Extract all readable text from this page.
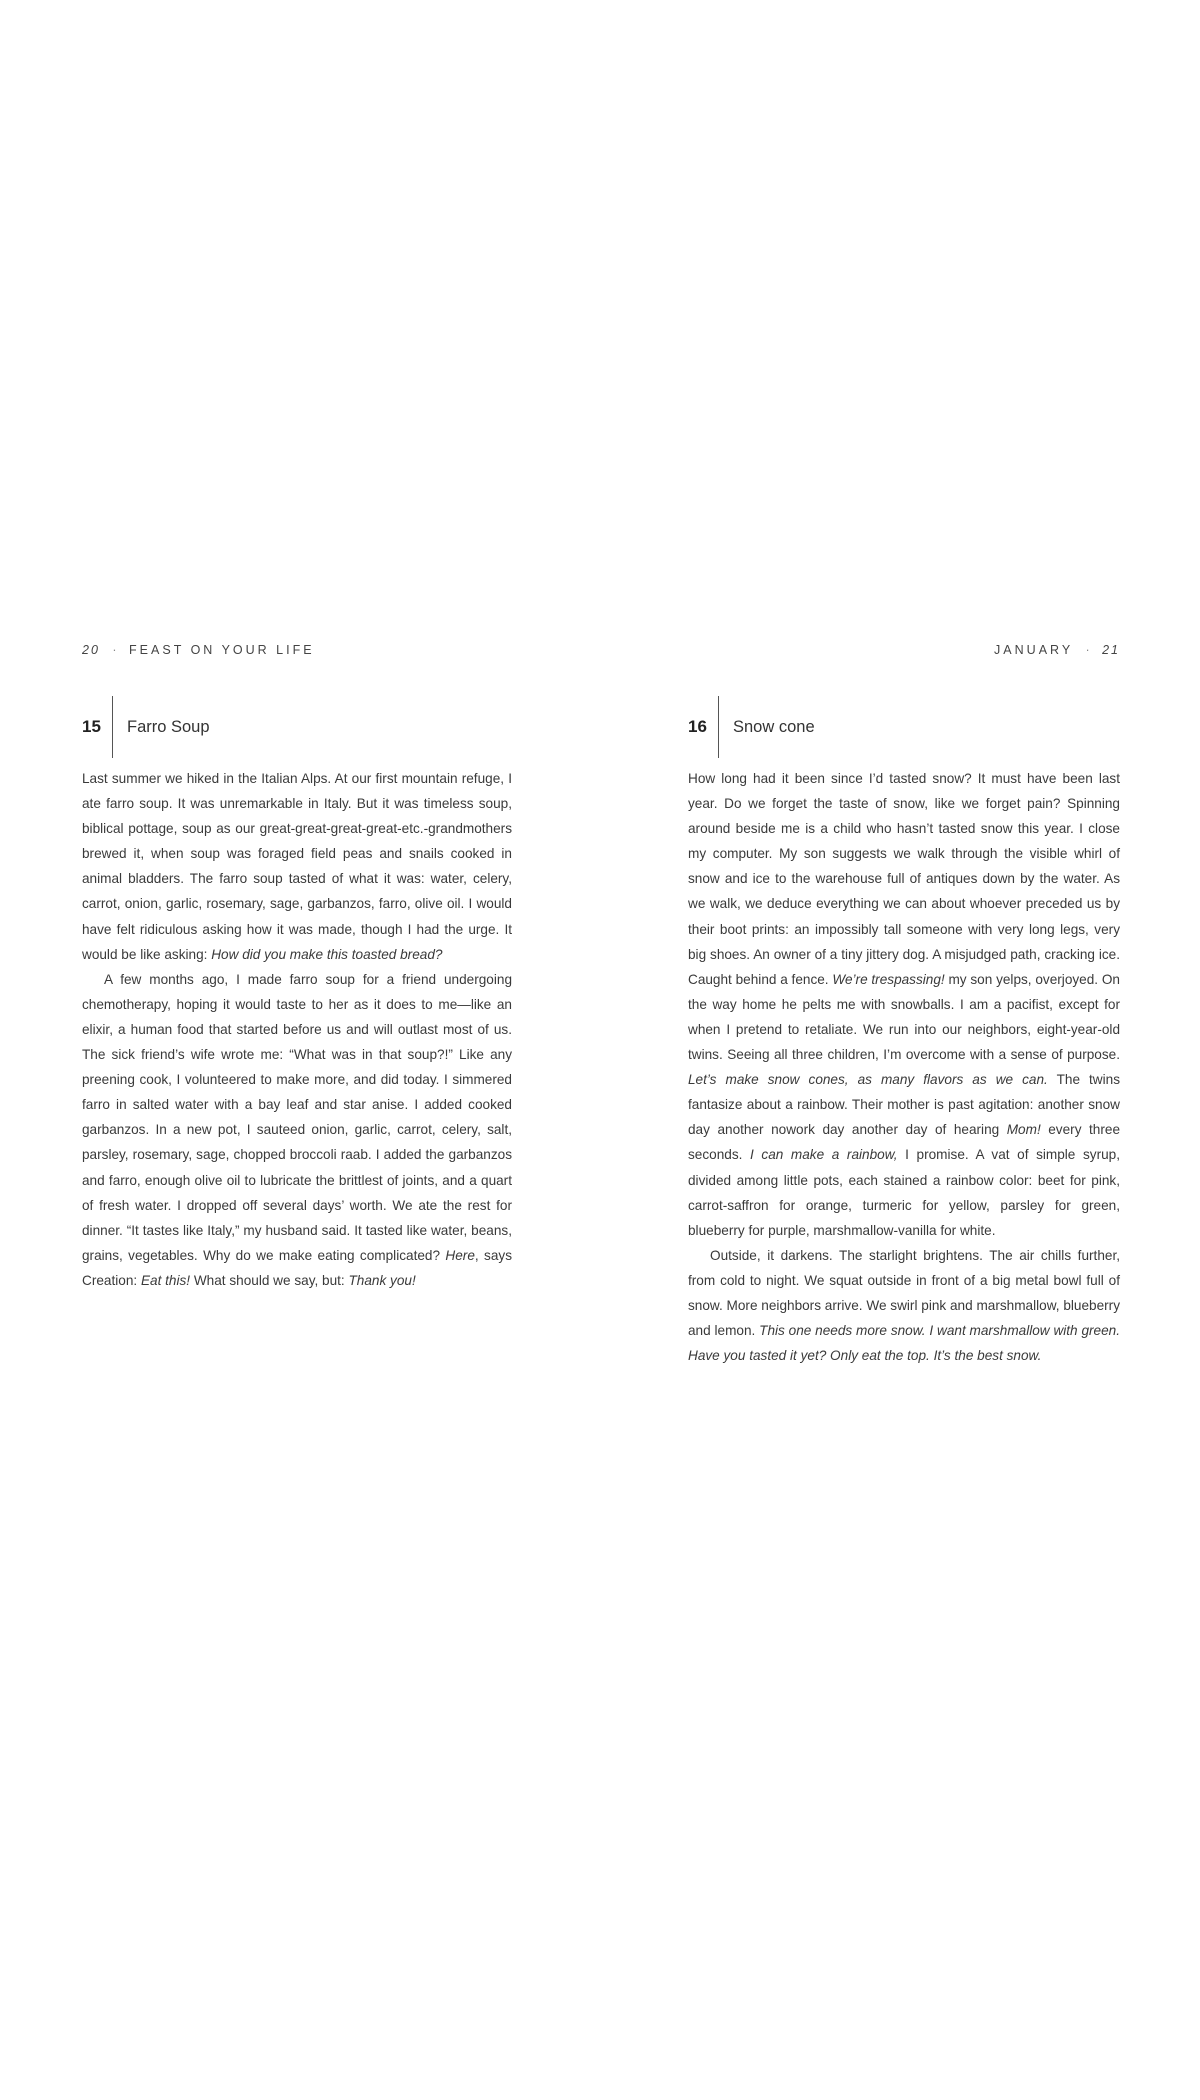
20 · FEAST ON YOUR LIFE
15	Farro Soup

Last summer we hiked in the Italian Alps. At our first mountain refuge, I ate farro soup. It was unremarkable in Italy. But it was timeless soup, biblical pottage, soup as our great-great-great-great-etc.-grandmothers brewed it, when soup was foraged field peas and snails cooked in animal bladders. The farro soup tasted of what it was: water, celery, carrot, onion, garlic, rosemary, sage, garbanzos, farro, olive oil. I would have felt ridiculous asking how it was made, though I had the urge. It would be like asking: How did you make this toasted bread?

A few months ago, I made farro soup for a friend undergoing chemotherapy, hoping it would taste to her as it does to me—like an elixir, a human food that started before us and will outlast most of us. The sick friend’s wife wrote me: “What was in that soup?!” Like any preening cook, I volunteered to make more, and did today. I simmered farro in salted water with a bay leaf and star anise. I added cooked garbanzos. In a new pot, I sauteed onion, garlic, carrot, celery, salt, parsley, rosemary, sage, chopped broccoli raab. I added the garbanzos and farro, enough olive oil to lubricate the brittlest of joints, and a quart of fresh water. I dropped off several days’ worth. We ate the rest for dinner. “It tastes like Italy,” my husband said. It tasted like water, beans, grains, vegetables. Why do we make eating complicated? Here, says Creation: Eat this! What should we say, but: Thank you!

JANUARY · 21
16	Snow cone

How long had it been since I’d tasted snow? It must have been last year. Do we forget the taste of snow, like we forget pain? Spinning around beside me is a child who hasn’t tasted snow this year. I close my computer. My son suggests we walk through the visible whirl of snow and ice to the warehouse full of antiques down by the water. As we walk, we deduce everything we can about whoever preceded us by their boot prints: an impossibly tall someone with very long legs, very big shoes. An owner of a tiny jittery dog. A misjudged path, cracking ice. Caught behind a fence. We’re trespassing! my son yelps, overjoyed. On the way home he pelts me with snowballs. I am a pacifist, except for when I pretend to retaliate. We run into our neighbors, eight-year-old twins. Seeing all three children, I’m overcome with a sense of purpose. Let’s make snow cones, as many flavors as we can. The twins fantasize about a rainbow. Their mother is past agitation: another snow day another nowork day another day of hearing Mom! every three seconds. I can make a rainbow, I promise. A vat of simple syrup, divided among little pots, each stained a rainbow color: beet for pink, carrot-saffron for orange, turmeric for yellow, parsley for green, blueberry for purple, marshmallow-vanilla for white.

Outside, it darkens. The starlight brightens. The air chills further, from cold to night. We squat outside in front of a big metal bowl full of snow. More neighbors arrive. We swirl pink and marshmallow, blueberry and lemon. This one needs more snow. I want marshmallow with green. Have you tasted it yet? Only eat the top. It’s the best snow.
